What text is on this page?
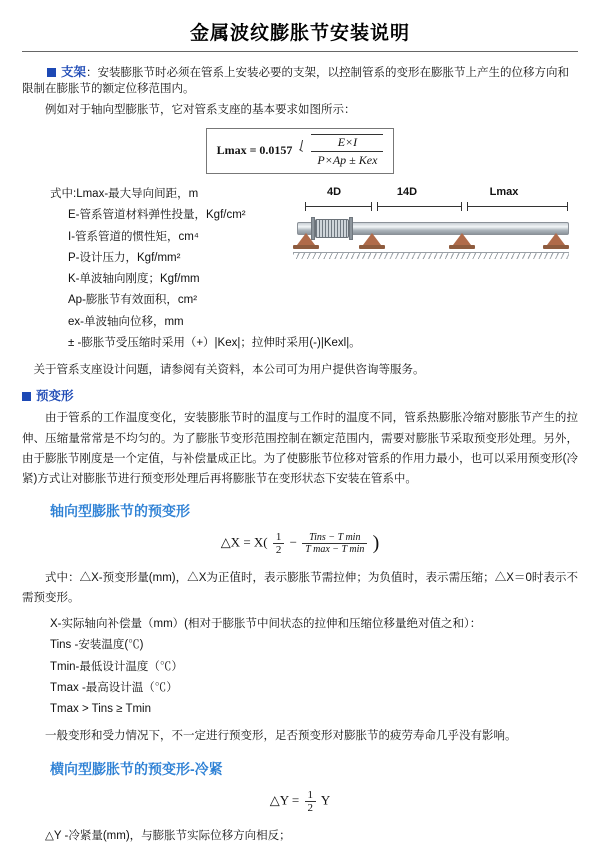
金属波纹膨胀节安装说明

支架：安装膨胀节时必须在管系上安装必要的支架，以控制管系的变形在膨胀节上产生的位移方向和限制在膨胀节的额定位移范围内。

例如对于轴向型膨胀节，它对管系支座的基本要求如图所示：

$Lmax = 0.0157 \frac{E\times I}{\text{P×Ap ± Kex}}$
式中:Lmax-最大导向间距，m
E-管系管道材料弹性投量，Kgf/cm²
I-管系管道的惯性矩，cm⁴
P-设计压力，Kgf/mm²
K-单波轴向刚度；Kgf/mm
Ap-膨胀节有效面积，cm²
ex-单波轴向位移，mm
± -膨胀节受压缩时采用（+）|Kex|；拉伸时采用(-)|Kexl|。
4D	14D	Lmax

　关于管系支座设计问题，请参阅有关资料，本公司可为用户提供咨询等服务。

预变形

由于管系的工作温度变化，安装膨胀节时的温度与工作时的温度不同，管系热膨胀冷缩对膨胀节产生的拉伸、压缩量常常是不均匀的。为了膨胀节变形范围控制在额定范围内，需要对膨胀节采取预变形处理。另外，由于膨胀节刚度是一个定值，与补偿量成正比。为了使膨胀节位移对管系的作用力最小，也可以采用预变形(冷紧)方式让对膨胀节进行预变形处理后再将膨胀节在变形状态下安装在管系中。

轴向型膨胀节的预变形
△X = $X( \frac{1}{2} - \frac{\text{Tins − T min}}{\text{T max − T min}}$ )

式中：△X-预变形量(mm)，△X为正值时，表示膨胀节需拉伸；为负值时，表示需压缩；△X＝0时表示不需预变形。

X-实际轴向补偿量（mm）(相对于膨胀节中间状态的拉伸和压缩位移量绝对值之和）：
Tins -安装温度(℃)
Tmin-最低设计温度（℃）
Tmax -最高设计温（℃）
Tmax > Tins ≥ Tmin

一般变形和受力情况下，不一定进行预变形，足否预变形对膨胀节的疲劳寿命几乎没有影响。

横向型膨胀节的预变形-冷紧
△Y = $\frac{1}{2}$ Y

△Y -冷紧量(mm)，与膨胀节实际位移方向相反；
